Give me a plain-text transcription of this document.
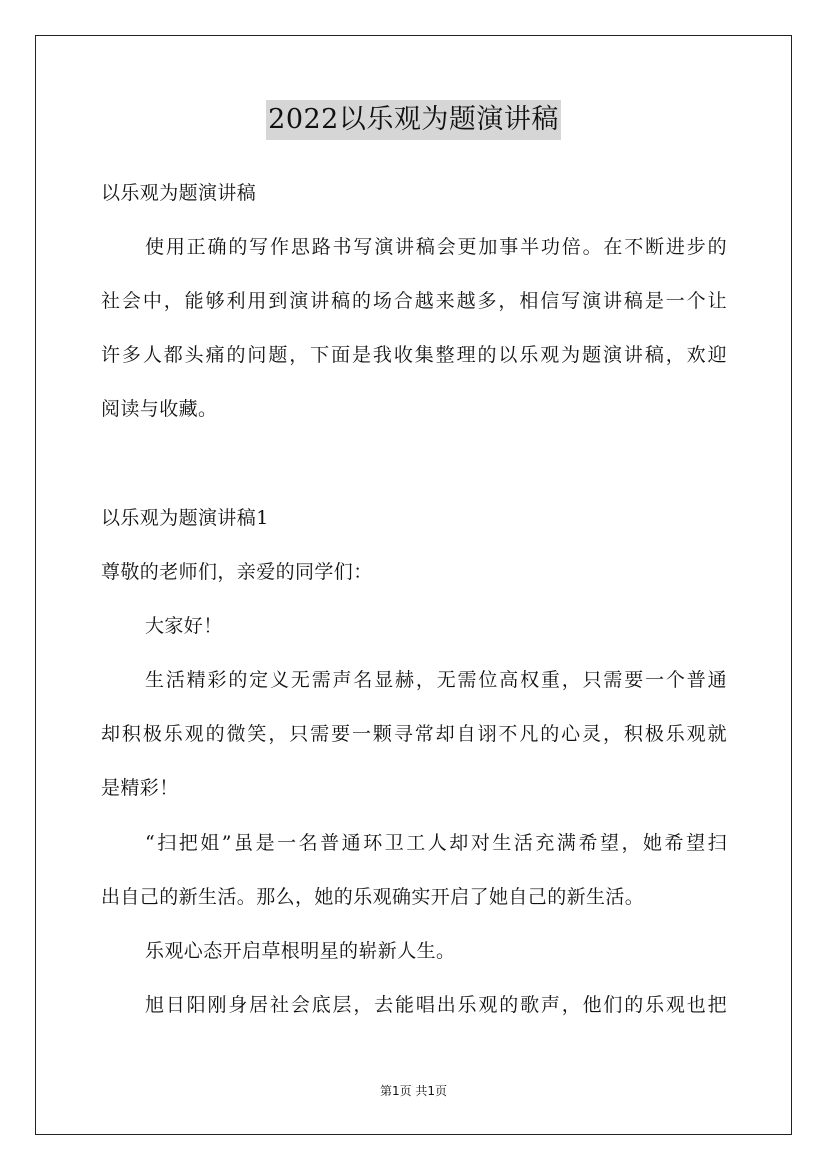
2022以乐观为题演讲稿
以乐观为题演讲稿
使用正确的写作思路书写演讲稿会更加事半功倍。在不断进步的
社会中，能够利用到演讲稿的场合越来越多，相信写演讲稿是一个让
许多人都头痛的问题，下面是我收集整理的以乐观为题演讲稿，欢迎
阅读与收藏。
以乐观为题演讲稿1
尊敬的老师们，亲爱的同学们：
大家好！
生活精彩的定义无需声名显赫，无需位高权重，只需要一个普通
却积极乐观的微笑，只需要一颗寻常却自诩不凡的心灵，积极乐观就
是精彩！
“扫把姐”虽是一名普通环卫工人却对生活充满希望，她希望扫
出自己的新生活。那么，她的乐观确实开启了她自己的新生活。
乐观心态开启草根明星的崭新人生。
旭日阳刚身居社会底层，去能唱出乐观的歌声，他们的乐观也把
第1页 共1页
